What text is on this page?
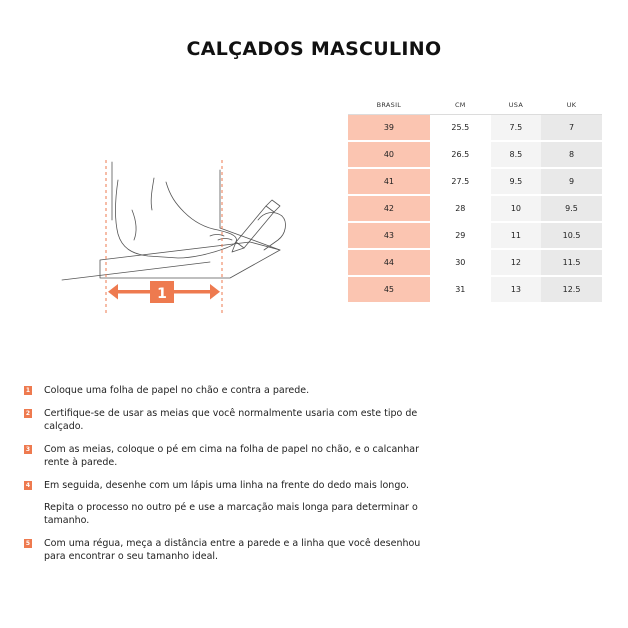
CALÇADOS MASCULINO
1
BRASIL	CM	USA	UK
39	25.5	7.5	7
40	26.5	8.5	8
41	27.5	9.5	9
42	28	10	9.5
43	29	11	10.5
44	30	12	11.5
45	31	13	12.5
1 Coloque uma folha de papel no chão e contra a parede.

2 Certifique-se de usar as meias que você normalmente usaria com este tipo de calçado.

3 Com as meias, coloque o pé em cima na folha de papel no chão, e o calcanhar rente à parede.

4 Em seguida, desenhe com um lápis uma linha na frente do dedo mais longo.

Repita o processo no outro pé e use a marcação mais longa para determinar o tamanho.

5 Com uma régua, meça a distância entre a parede e a linha que você desenhou para encontrar o seu tamanho ideal.
